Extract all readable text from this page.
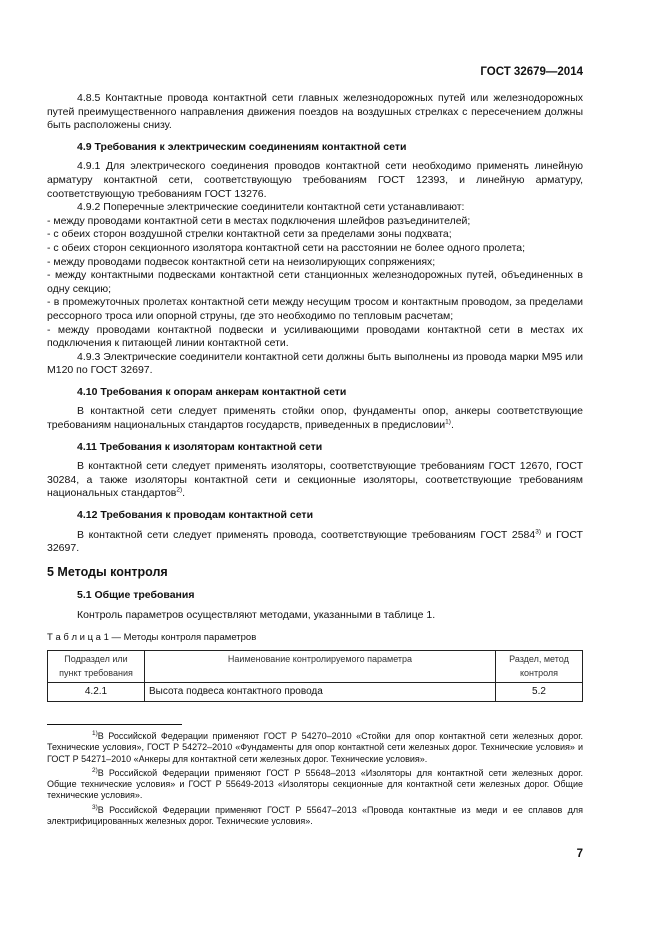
ГОСТ 32679—2014

4.8.5 Контактные провода контактной сети главных железнодорожных путей или железнодорожных путей преимущественного направления движения поездов на воздушных стрелках с пересечением должны быть расположены снизу.

4.9 Требования к электрическим соединениям контактной сети

4.9.1 Для электрического соединения проводов контактной сети необходимо применять линейную арматуру контактной сети, соответствующую требованиям ГОСТ 12393, и линейную арматуру, соответствующую требованиям ГОСТ 13276.

4.9.2 Поперечные электрические соединители контактной сети устанавливают:

- между проводами контактной сети в местах подключения шлейфов разъединителей;

- с обеих сторон воздушной стрелки контактной сети за пределами зоны подхвата;

- с обеих сторон секционного изолятора контактной сети на расстоянии не более одного пролета;

- между проводами подвесок контактной сети на неизолирующих сопряжениях;

- между контактными подвесками контактной сети станционных железнодорожных путей, объединенных в одну секцию;

- в промежуточных пролетах контактной сети между несущим тросом и контактным проводом, за пределами рессорного троса или опорной струны, где это необходимо по тепловым расчетам;

- между проводами контактной подвески и усиливающими проводами контактной сети в местах их подключения к питающей линии контактной сети.

4.9.3 Электрические соединители контактной сети должны быть выполнены из провода марки М95 или М120 по ГОСТ 32697.

4.10 Требования к опорам анкерам контактной сети

В контактной сети следует применять стойки опор, фундаменты опор, анкеры соответствующие требованиям национальных стандартов государств, приведенных в предисловии$^{1)}$.

4.11 Требования к изоляторам контактной сети

В контактной сети следует применять изоляторы, соответствующие требованиям ГОСТ 12670, ГОСТ 30284, а также изоляторы контактной сети и секционные изоляторы, соответствующие требованиям национальных стандартов$^{2)}$.

4.12 Требования к проводам контактной сети

В контактной сети следует применять провода, соответствующие требованиям ГОСТ 2584$^{3)}$ и ГОСТ 32697.

5 Методы контроля

5.1 Общие требования

Контроль параметров осуществляют методами, указанными в таблице 1.

Т а б л и ц а 1 — Методы контроля параметров

Подраздел или пункт требования	Наименование контролируемого параметра	Раздел, метод контроля
4.2.1	Высота подвеса контактного провода	5.2

$^{1)}$В Российской Федерации применяют ГОСТ Р 54270–2010 «Стойки для опор контактной сети железных дорог. Технические условия», ГОСТ Р 54272–2010 «Фундаменты для опор контактной сети железных дорог. Технические условия» и ГОСТ Р 54271–2010 «Анкеры для контактной сети железных дорог. Технические условия».

$^{2)}$В Российской Федерации применяют ГОСТ Р 55648–2013 «Изоляторы для контактной сети железных дорог. Общие технические условия» и ГОСТ Р 55649-2013 «Изоляторы секционные для контактной сети железных дорог. Общие технические условия».

$^{3)}$В Российской Федерации применяют ГОСТ Р 55647–2013 «Провода контактные из меди и ее сплавов для электрифицированных железных дорог. Технические условия».

7
